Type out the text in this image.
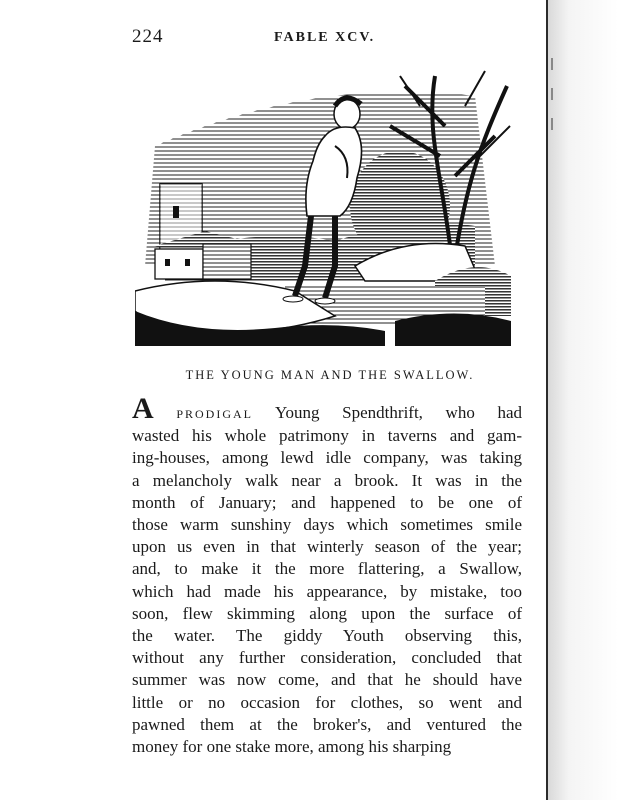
224	FABLE XCV.
THE YOUNG MAN AND THE SWALLOW.
A PRODIGAL Young Spendthrift, who had
wasted his whole patrimony in taverns and gam-
ing-houses, among lewd idle company, was taking
a melancholy walk near a brook. It was in the
month of January; and happened to be one of
those warm sunshiny days which sometimes smile
upon us even in that winterly season of the year;
and, to make it the more flattering, a Swallow,
which had made his appearance, by mistake, too
soon, flew skimming along upon the surface of
the water. The giddy Youth observing this,
without any further consideration, concluded that
summer was now come, and that he should have
little or no occasion for clothes, so went and
pawned them at the broker's, and ventured the
money for one stake more, among his sharping
